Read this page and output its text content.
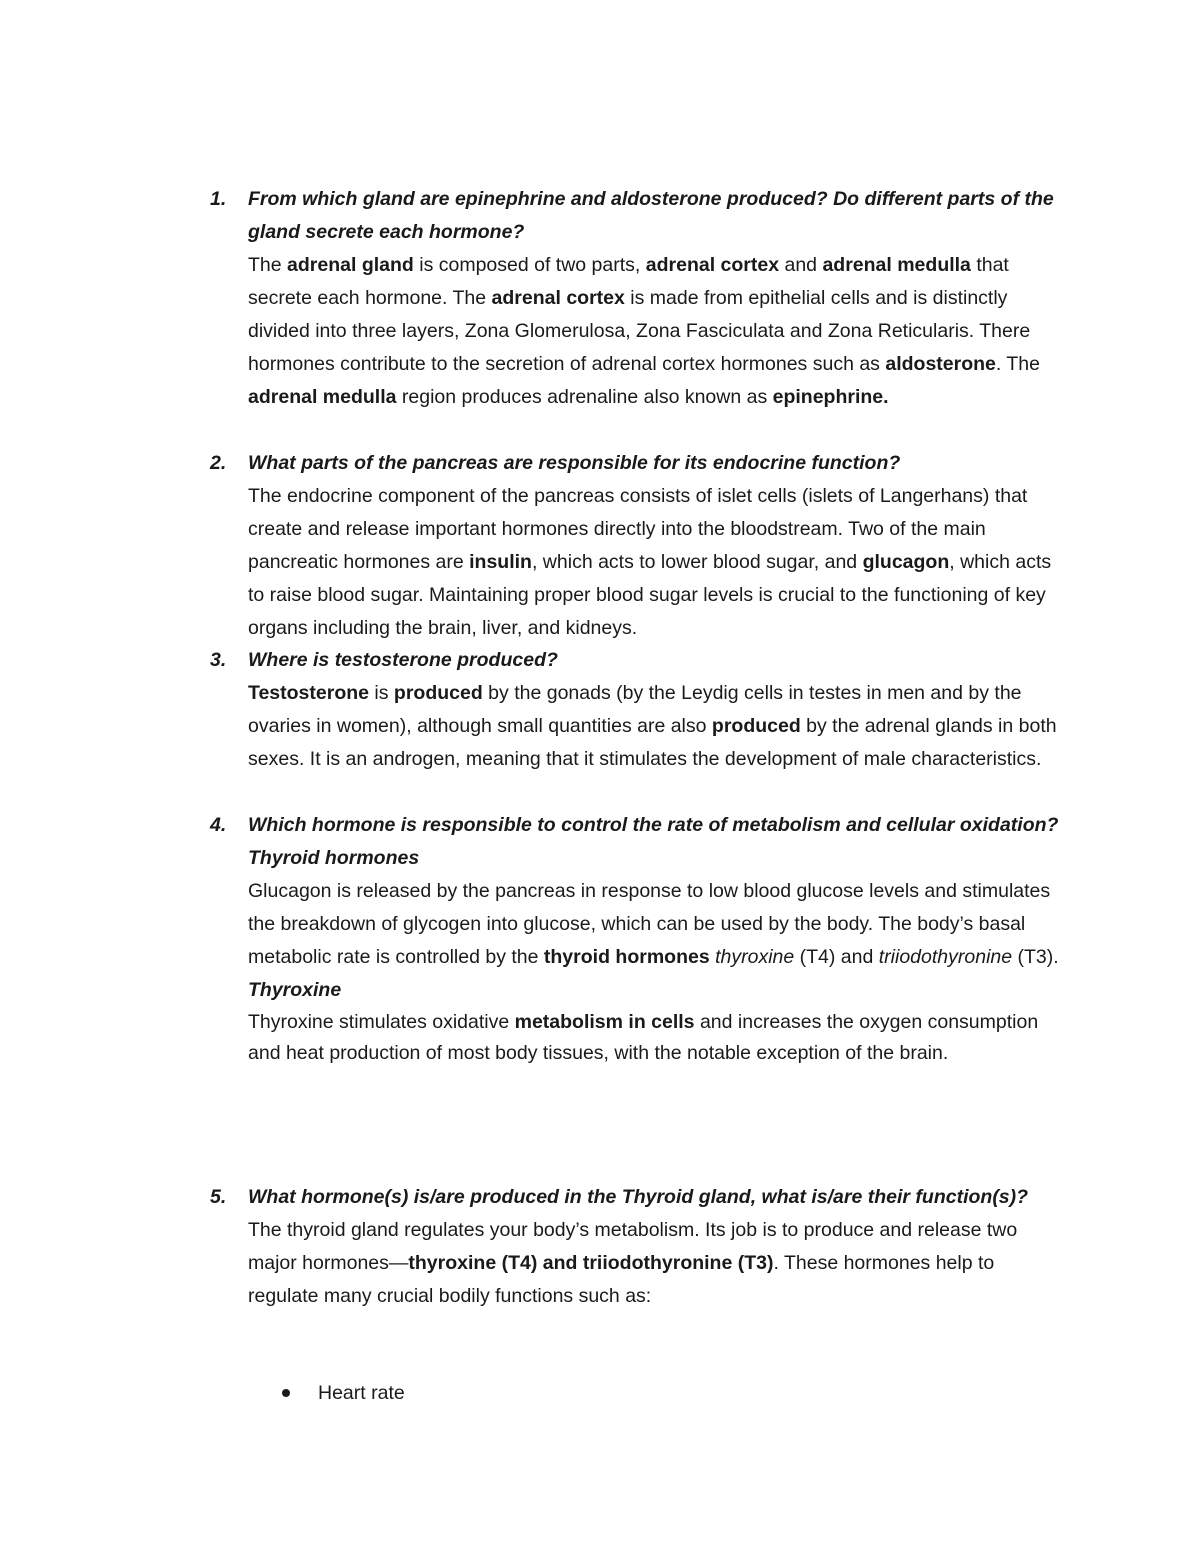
1.	From which gland are epinephrine and aldosterone produced? Do different parts of the gland secrete each hormone?

The adrenal gland is composed of two parts, adrenal cortex and adrenal medulla that secrete each hormone. The adrenal cortex is made from epithelial cells and is distinctly divided into three layers, Zona Glomerulosa, Zona Fasciculata and Zona Reticularis. There hormones contribute to the secretion of adrenal cortex hormones such as aldosterone. The adrenal medulla region produces adrenaline also known as epinephrine.

2.	What parts of the pancreas are responsible for its endocrine function?

The endocrine component of the pancreas consists of islet cells (islets of Langerhans) that create and release important hormones directly into the bloodstream. Two of the main pancreatic hormones are insulin, which acts to lower blood sugar, and glucagon, which acts to raise blood sugar. Maintaining proper blood sugar levels is crucial to the functioning of key organs including the brain, liver, and kidneys.

3.	Where is testosterone produced?

Testosterone is produced by the gonads (by the Leydig cells in testes in men and by the ovaries in women), although small quantities are also produced by the adrenal glands in both sexes. It is an androgen, meaning that it stimulates the development of male characteristics.

4.	Which hormone is responsible to control the rate of metabolism and cellular oxidation?
Thyroid hormones

Glucagon is released by the pancreas in response to low blood glucose levels and stimulates the breakdown of glycogen into glucose, which can be used by the body. The body’s basal metabolic rate is controlled by the thyroid hormones thyroxine (T4) and triiodothyronine (T3).

Thyroxine

Thyroxine stimulates oxidative metabolism in cells and increases the oxygen consumption and heat production of most body tissues, with the notable exception of the brain.

5.	What hormone(s) is/are produced in the Thyroid gland, what is/are their function(s)?

The thyroid gland regulates your body’s metabolism. Its job is to produce and release two major hormones—thyroxine (T4) and triiodothyronine (T3). These hormones help to regulate many crucial bodily functions such as:

Heart rate
